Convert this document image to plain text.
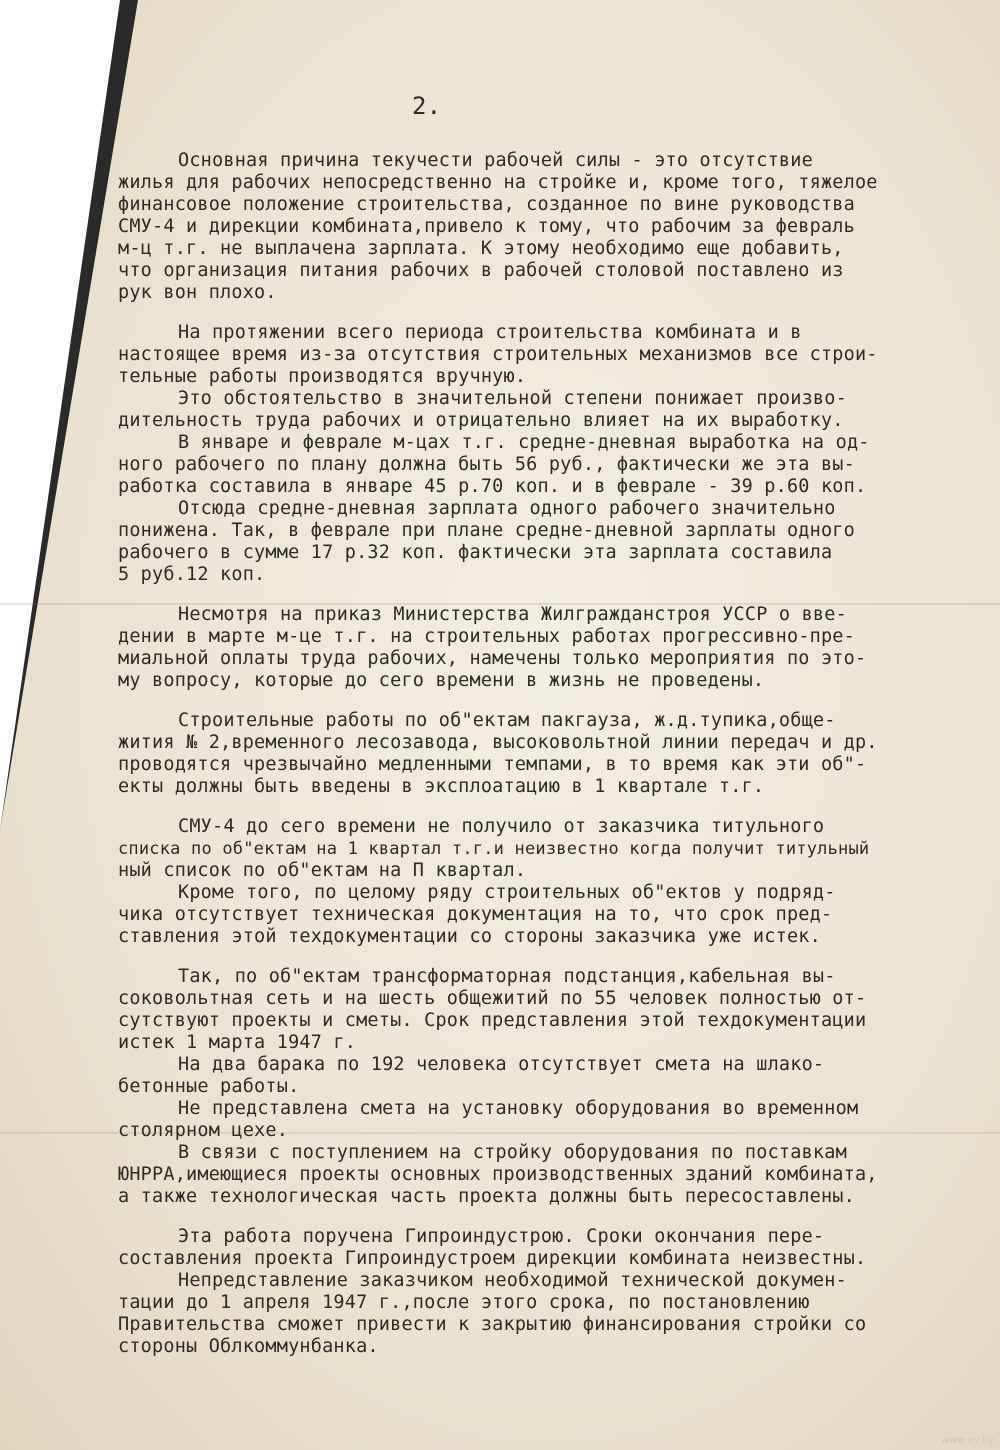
2.
Основная причина текучести рабочей силы - это отсутствие
жилья для рабочих непосредственно на стройке и, кроме того, тяжелое
финансовое положение строительства, созданное по вине руководства
СМУ-4 и дирекции комбината,привело к тому, что рабочим за февраль
м-ц т.г. не выплачена зарплата. К этому необходимо еще добавить,
что организация питания рабочих в рабочей столовой поставлено из
рук вон плохо.
На протяжении всего периода строительства комбината и в
настоящее время из-за отсутствия строительных механизмов все строи-
тельные работы производятся вручную.
Это обстоятельство в значительной степени понижает произво-
дительность труда рабочих и отрицательно влияет на их выработку.
В январе и феврале м-цах т.г. средне-дневная выработка на од-
ного рабочего по плану должна быть 56 руб., фактически же эта вы-
работка составила в январе 45 р.70 коп. и в феврале - 39 р.60 коп.
Отсюда средне-дневная зарплата одного рабочего значительно
понижена. Так, в феврале при плане средне-дневной зарплаты одного
рабочего в сумме 17 р.32 коп. фактически эта зарплата составила
5 руб.12 коп.
Несмотря на приказ Министерства Жилгражданстроя УССР о вве-
дении в марте м-це т.г. на строительных работах прогрессивно-пре-
миальной оплаты труда рабочих, намечены только мероприятия по это-
му вопросу, которые до сего времени в жизнь не проведены.
Строительные работы по об"ектам пакгауза, ж.д.тупика,обще-
жития № 2,временного лесозавода, высоковольтной линии передач и др.
проводятся чрезвычайно медленными темпами, в то время как эти об"-
екты должны быть введены в эксплоатацию в 1 квартале т.г.
СМУ-4 до сего времени не получило от заказчика титульного
списка по об"ектам на 1 квартал т.г.и неизвестно когда получит титульный
ный список по об"ектам на П квартал.
Кроме того, по целому ряду строительных об"ектов у подряд-
чика отсутствует техническая документация на то, что срок пред-
ставления этой техдокументации со стороны заказчика уже истек.
Так, по об"ектам трансформаторная подстанция,кабельная вы-
соковольтная сеть и на шесть общежитий по 55 человек полностью от-
сутствуют проекты и сметы. Срок представления этой техдокументации
истек 1 марта 1947 г.
На два барака по 192 человека отсутствует смета на шлако-
бетонные работы.
Не представлена смета на установку оборудования во временном
столярном цехе.
В связи с поступлением на стройку оборудования по поставкам
ЮНРРА,имеющиеся проекты основных производственных зданий комбината,
а также технологическая часть проекта должны быть пересоставлены.
Эта работа поручена Гипроиндустрою. Сроки окончания пере-
составления проекта Гипроиндустроем дирекции комбината неизвестны.
Непредставление заказчиком необходимой технической докумен-
тации до 1 апреля 1947 г.,после этого срока, по постановлению
Правительства сможет привести к закрытию финансирования стройки со
стороны Облкоммунбанка.
www.ay.by
